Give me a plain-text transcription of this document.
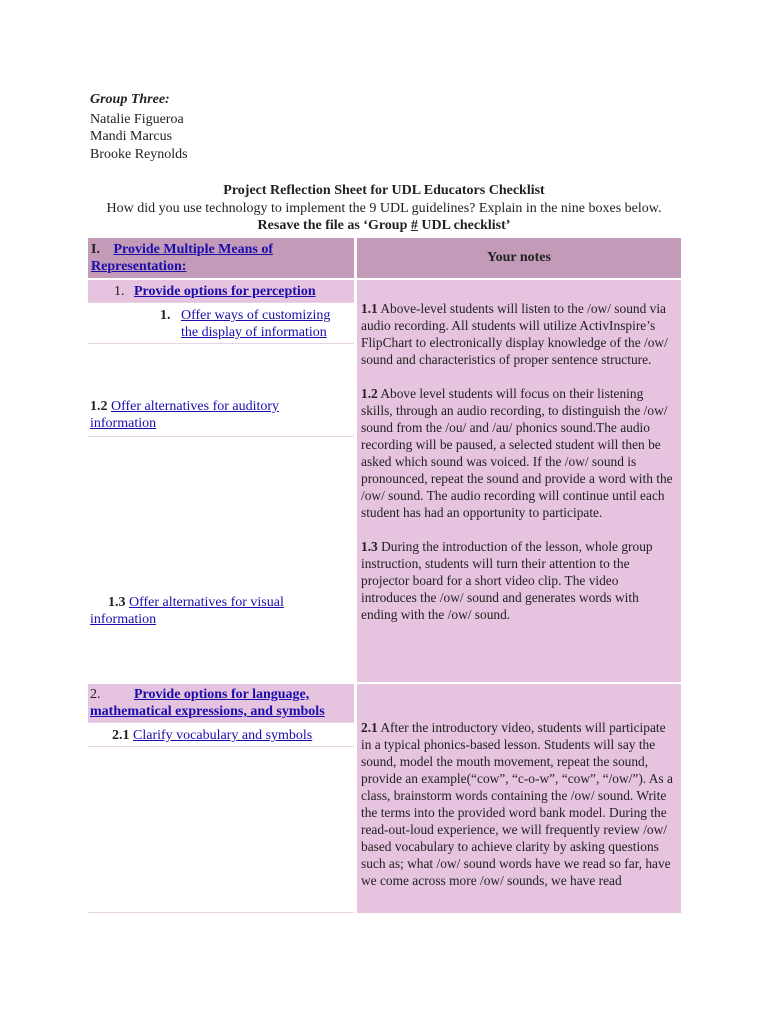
Group Three:
Natalie Figueroa
Mandi Marcus
Brooke Reynolds
Project Reflection Sheet for UDL Educators Checklist
How did you use technology to implement the 9 UDL guidelines? Explain in the nine boxes below.
Resave the file as ‘Group # UDL checklist’
I. Provide Multiple Means of Representation:
Your notes
1. Provide options for perception
1. Offer ways of customizing the display of information
1.2 Offer alternatives for auditory information
1.3 Offer alternatives for visual information

1.1 Above-level students will listen to the /ow/ sound via audio recording. All students will utilize ActivInspire’s FlipChart to electronically display knowledge of the /ow/ sound and characteristics of proper sentence structure.

1.2 Above level students will focus on their listening skills, through an audio recording, to distinguish the /ow/ sound from the /ou/ and /au/ phonics sound.The audio recording will be paused, a selected student will then be asked which sound was voiced. If the /ow/ sound is pronounced, repeat the sound and provide a word with the /ow/ sound. The audio recording will continue until each student has had an opportunity to participate.

1.3 During the introduction of the lesson, whole group instruction, students will turn their attention to the projector board for a short video clip. The video introduces the /ow/ sound and generates words with ending with the /ow/ sound.

2. Provide options for language, mathematical expressions, and symbols
2.1 Clarify vocabulary and symbols

2.1 After the introductory video, students will participate in a typical phonics-based lesson. Students will say the sound, model the mouth movement, repeat the sound, provide an example(“cow”, “c-o-w”, “cow”, “/ow/”). As a class, brainstorm words containing the /ow/ sound. Write the terms into the provided word bank model. During the read-out-loud experience, we will frequently review /ow/ based vocabulary to achieve clarity by asking questions such as; what /ow/ sound words have we read so far, have we come across more /ow/ sounds, we have read
